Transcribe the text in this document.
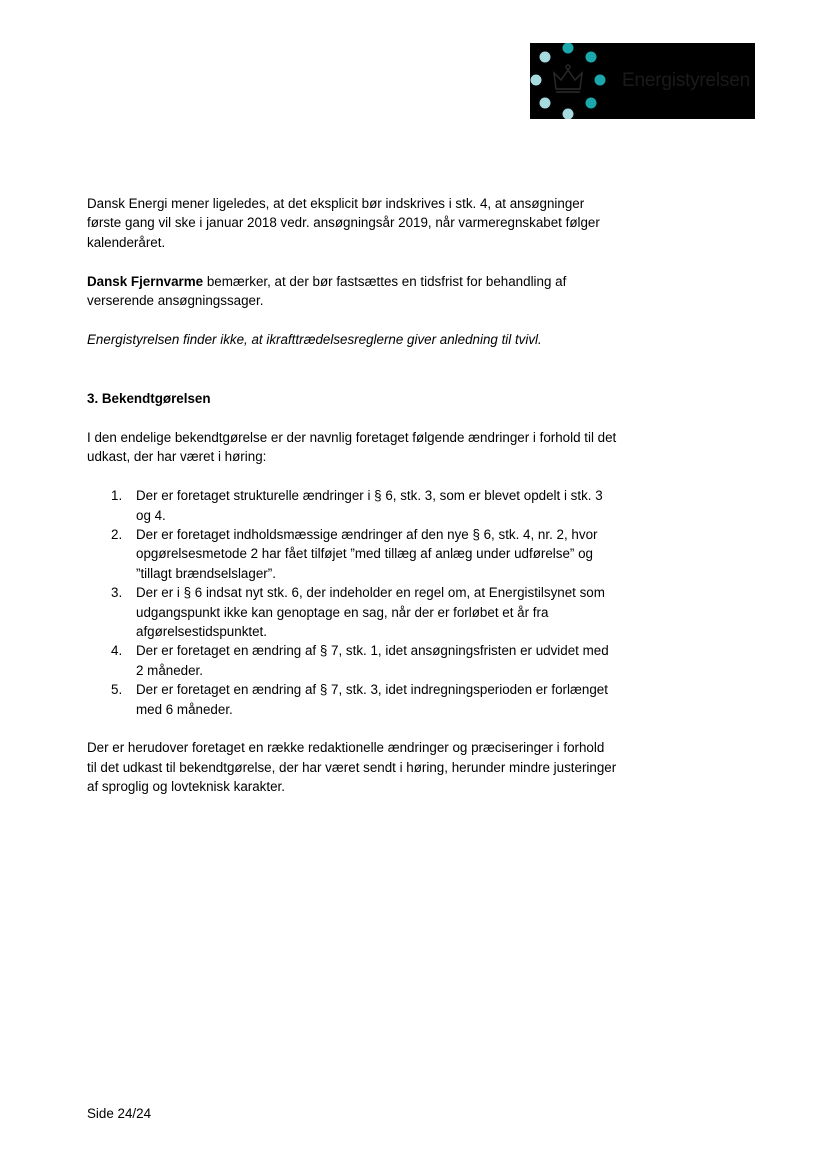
Energistyrelsen

Dansk Energi mener ligeledes, at det eksplicit bør indskrives i stk. 4, at ansøgninger første gang vil ske i januar 2018 vedr. ansøgningsår 2019, når varmeregnskabet følger kalenderåret.

Dansk Fjernvarme bemærker, at der bør fastsættes en tidsfrist for behandling af verserende ansøgningssager.

Energistyrelsen finder ikke, at ikrafttrædelsesreglerne giver anledning til tvivl.

3. Bekendtgørelsen

I den endelige bekendtgørelse er der navnlig foretaget følgende ændringer i forhold til det udkast, der har været i høring:

1. Der er foretaget strukturelle ændringer i § 6, stk. 3, som er blevet opdelt i stk. 3 og 4.
2. Der er foretaget indholdsmæssige ændringer af den nye § 6, stk. 4, nr. 2, hvor opgørelsesmetode 2 har fået tilføjet ”med tillæg af anlæg under udførelse” og ”tillagt brændselslager”.
3. Der er i § 6 indsat nyt stk. 6, der indeholder en regel om, at Energistilsynet som udgangspunkt ikke kan genoptage en sag, når der er forløbet et år fra afgørelsestidspunktet.
4. Der er foretaget en ændring af § 7, stk. 1, idet ansøgningsfristen er udvidet med 2 måneder.
5. Der er foretaget en ændring af § 7, stk. 3, idet indregningsperioden er forlænget med 6 måneder.

Der er herudover foretaget en række redaktionelle ændringer og præciseringer i forhold til det udkast til bekendtgørelse, der har været sendt i høring, herunder mindre justeringer af sproglig og lovteknisk karakter.

Side 24/24
